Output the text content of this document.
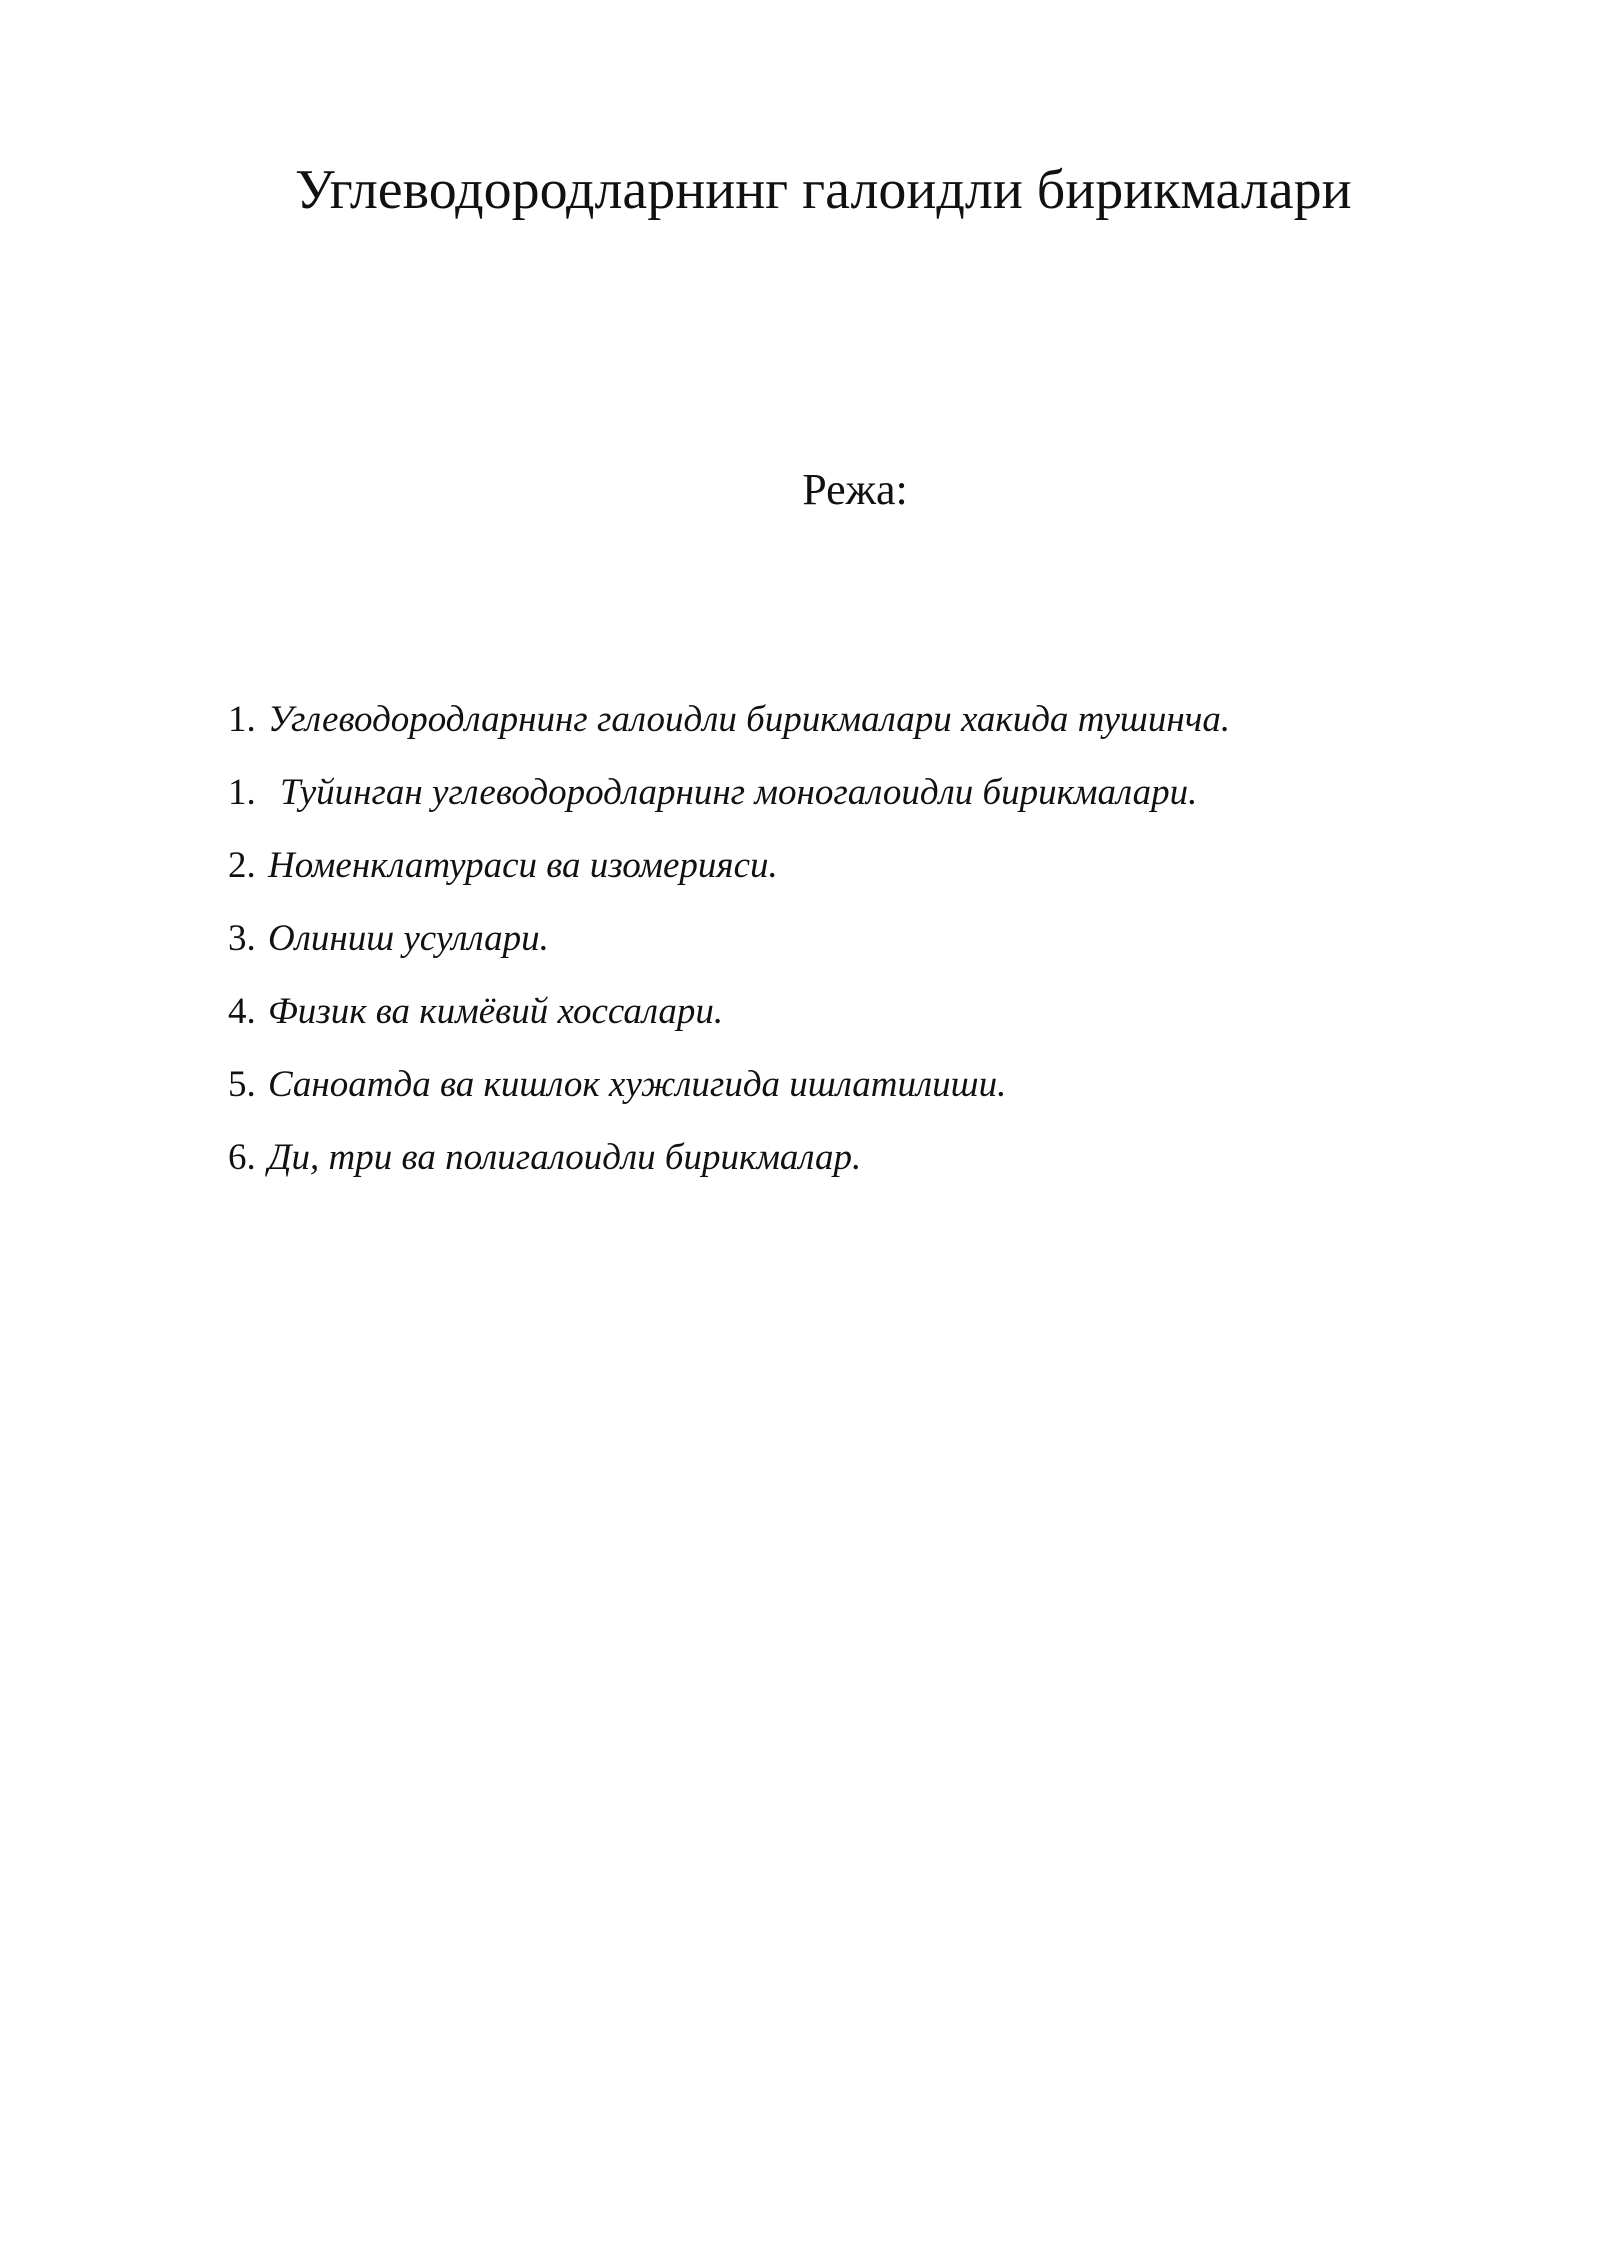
Углеводородларнинг галоидли бирикмалари
Режа:
1. Углеводородларнинг галоидли бирикмалари хакида тушинча.
1. Туйинган углеводородларнинг моногалоидли бирикмалари.
2. Номенклатураси ва изомерияси.
3. Олиниш усуллари.
4. Физик ва кимёвий хоссалари.
5. Саноатда ва кишлок хужлигида ишлатилиши.
6. Ди, три ва полигалоидли бирикмалар.
